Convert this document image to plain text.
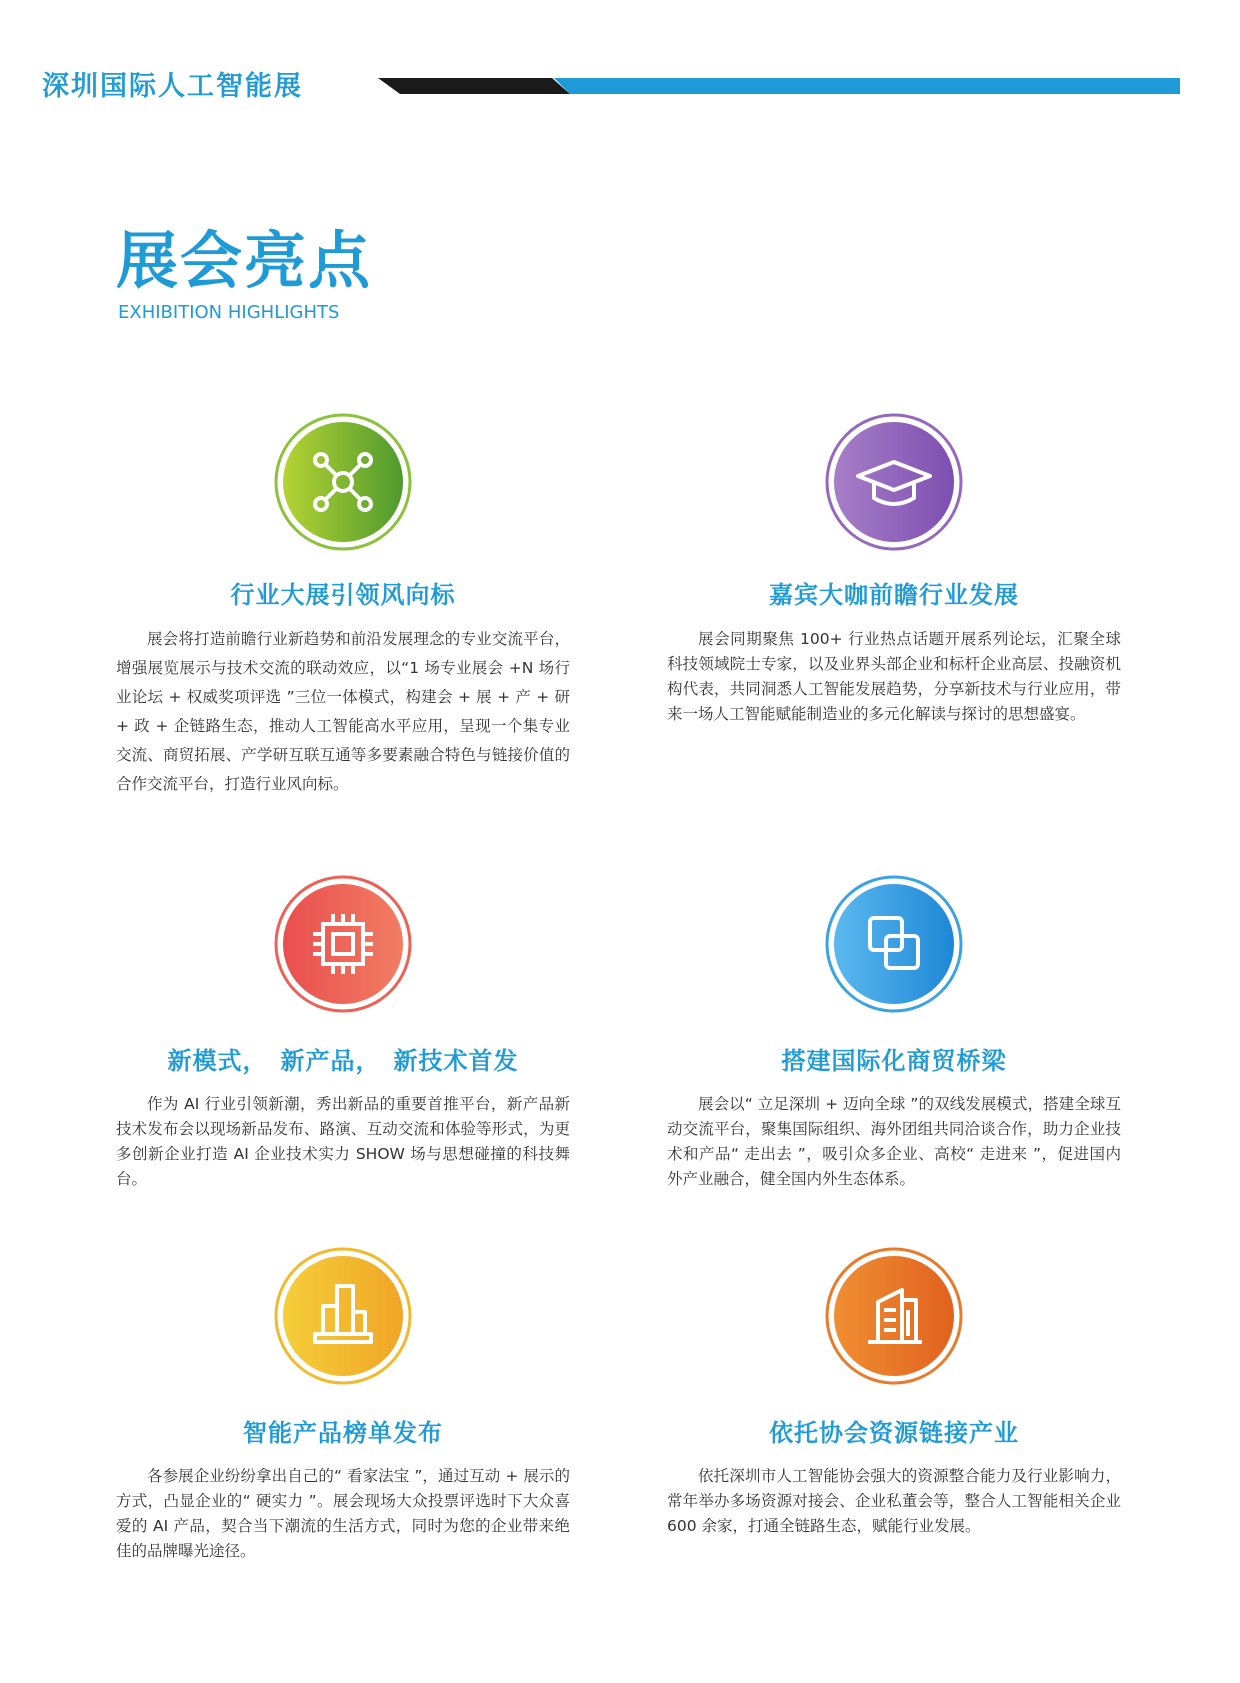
深圳国际人工智能展
展会亮点
EXHIBITION HIGHLIGHTS
行业大展引领风向标

展会将打造前瞻行业新趋势和前沿发展理念的专业交流平台，增强展览展示与技术交流的联动效应，以“1 场专业展会 +N 场行业论坛 + 权威奖项评选 ”三位一体模式，构建会 + 展 + 产 + 研 + 政 + 企链路生态，推动人工智能高水平应用，呈现一个集专业交流、商贸拓展、产学研互联互通等多要素融合特色与链接价值的合作交流平台，打造行业风向标。

嘉宾大咖前瞻行业发展

展会同期聚焦 100+ 行业热点话题开展系列论坛，汇聚全球科技领域院士专家，以及业界头部企业和标杆企业高层、投融资机构代表，共同洞悉人工智能发展趋势，分享新技术与行业应用，带来一场人工智能赋能制造业的多元化解读与探讨的思想盛宴。

新模式，　新产品，　新技术首发

作为 AI 行业引领新潮，秀出新品的重要首推平台，新产品新技术发布会以现场新品发布、路演、互动交流和体验等形式，为更多创新企业打造 AI 企业技术实力 SHOW 场与思想碰撞的科技舞台。

搭建国际化商贸桥梁

展会以“ 立足深圳 + 迈向全球 ”的双线发展模式，搭建全球互动交流平台，聚集国际组织、海外团组共同洽谈合作，助力企业技术和产品“ 走出去 ”，吸引众多企业、高校“ 走进来 ”，促进国内外产业融合，健全国内外生态体系。

智能产品榜单发布

各参展企业纷纷拿出自己的“ 看家法宝 ”，通过互动 + 展示的方式，凸显企业的“ 硬实力 ”。展会现场大众投票评选时下大众喜爱的 AI 产品，契合当下潮流的生活方式，同时为您的企业带来绝佳的品牌曝光途径。

依托协会资源链接产业

依托深圳市人工智能协会强大的资源整合能力及行业影响力，常年举办多场资源对接会、企业私董会等，整合人工智能相关企业 600 余家，打通全链路生态，赋能行业发展。
